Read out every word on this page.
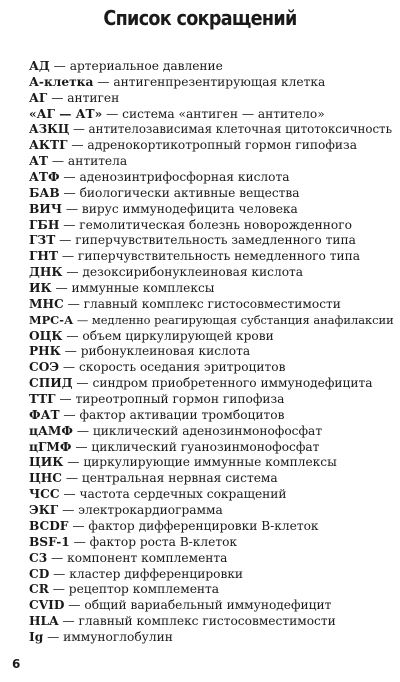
Список сокращений
АД — артериальное давление
А-клетка — антигенпрезентирующая клетка
АГ — антиген
«АГ — АТ» — система «антиген — антитело»
АЗКЦ — антителозависимая клеточная цитотоксичность
АКТГ — адренокортикотропный гормон гипофиза
АТ — антитела
АТФ — аденозинтрифосфорная кислота
БАВ — биологически активные вещества
ВИЧ — вирус иммунодефицита человека
ГБН — гемолитическая болезнь новорожденного
ГЗТ — гиперчувствительность замедленного типа
ГНТ — гиперчувствительность немедленного типа
ДНК — дезоксирибонуклеиновая кислота
ИК — иммунные комплексы
МНС — главный комплекс гистосовместимости
МРС-А — медленно реагирующая субстанция анафилаксии
ОЦК — объем циркулирующей крови
РНК — рибонуклеиновая кислота
СОЭ — скорость оседания эритроцитов
СПИД — синдром приобретенного иммунодефицита
ТТГ — тиреотропный гормон гипофиза
ФАТ — фактор активации тромбоцитов
цАМФ — циклический аденозинмонофосфат
цГМФ — циклический гуанозинмонофосфат
ЦИК — циркулирующие иммунные комплексы
ЦНС — центральная нервная система
ЧСС — частота сердечных сокращений
ЭКГ — электрокардиограмма
BCDF — фактор дифференцировки В-клеток
BSF-1 — фактор роста В-клеток
C3 — компонент комплемента
CD — кластер дифференцировки
CR — рецептор комплемента
CVID — общий вариабельный иммунодефицит
HLA — главный комплекс гистосовместимости
Ig — иммуноглобулин
6
